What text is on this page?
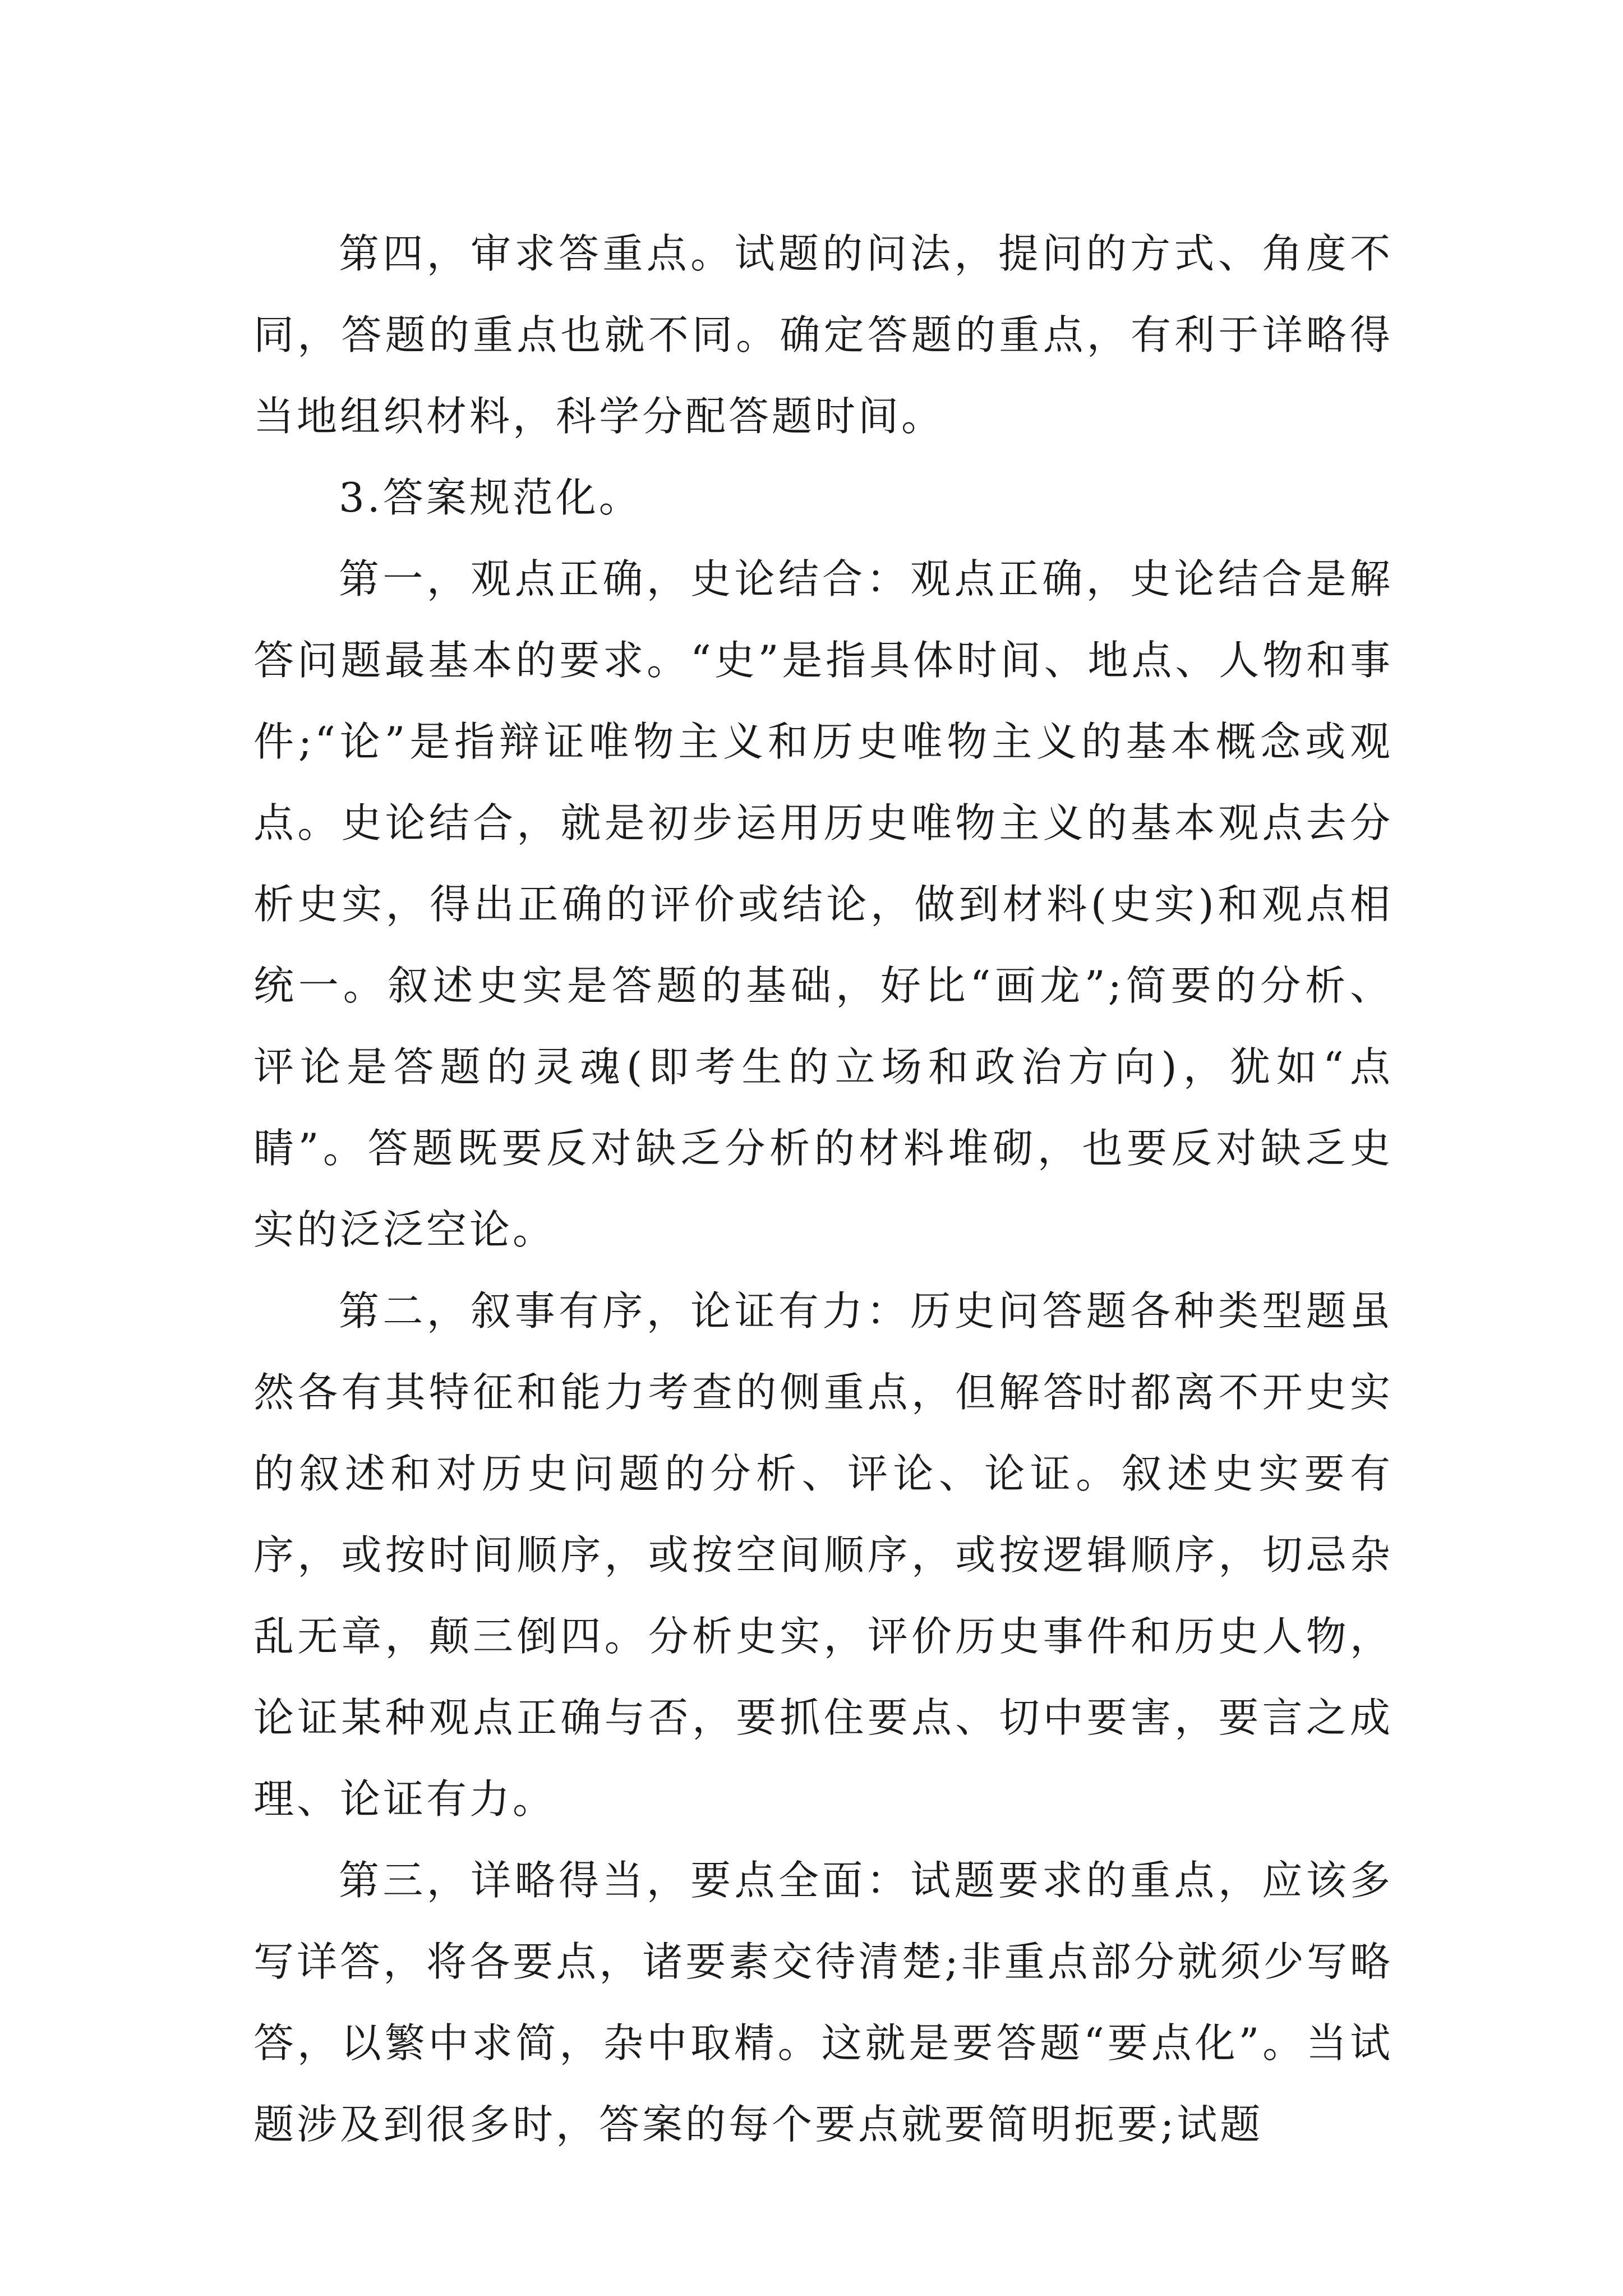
第四，审求答重点。试题的问法，提问的方式、角度不同，答题的重点也就不同。确定答题的重点，有利于详略得当地组织材料，科学分配答题时间。

3.答案规范化。

第一，观点正确，史论结合：观点正确，史论结合是解答问题最基本的要求。“史”是指具体时间、地点、人物和事件;“论”是指辩证唯物主义和历史唯物主义的基本概念或观点。史论结合，就是初步运用历史唯物主义的基本观点去分析史实，得出正确的评价或结论，做到材料(史实)和观点相统一。叙述史实是答题的基础，好比“画龙”;简要的分析、评论是答题的灵魂(即考生的立场和政治方向)，犹如“点睛”。答题既要反对缺乏分析的材料堆砌，也要反对缺乏史实的泛泛空论。

第二，叙事有序，论证有力：历史问答题各种类型题虽然各有其特征和能力考查的侧重点，但解答时都离不开史实的叙述和对历史问题的分析、评论、论证。叙述史实要有序，或按时间顺序，或按空间顺序，或按逻辑顺序，切忌杂乱无章，颠三倒四。分析史实，评价历史事件和历史人物，论证某种观点正确与否，要抓住要点、切中要害，要言之成理、论证有力。

第三，详略得当，要点全面：试题要求的重点，应该多写详答，将各要点，诸要素交待清楚;非重点部分就须少写略答，以繁中求简，杂中取精。这就是要答题“要点化”。当试题涉及到很多时，答案的每个要点就要简明扼要;试题
